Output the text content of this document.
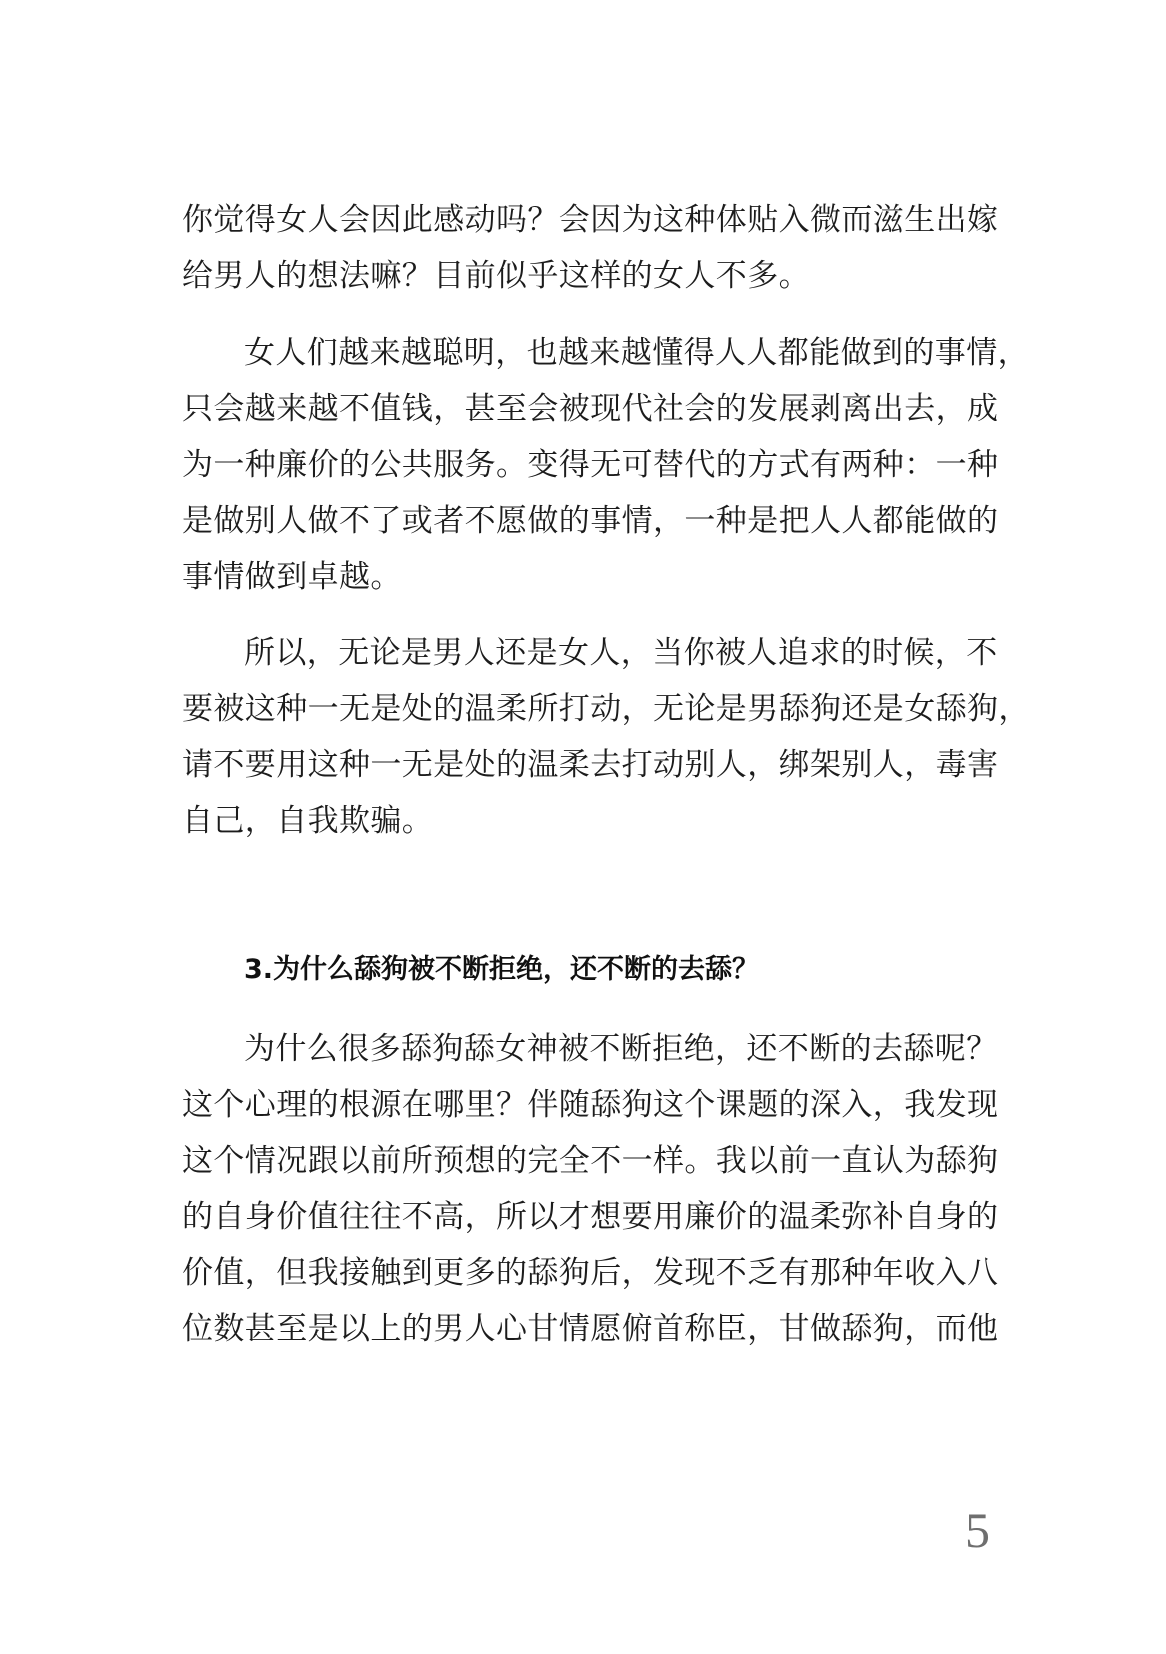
你觉得女人会因此感动吗？会因为这种体贴入微而滋生出嫁
给男人的想法嘛？目前似乎这样的女人不多。
女人们越来越聪明，也越来越懂得人人都能做到的事情，
只会越来越不值钱，甚至会被现代社会的发展剥离出去，成
为一种廉价的公共服务。变得无可替代的方式有两种：一种
是做别人做不了或者不愿做的事情，一种是把人人都能做的
事情做到卓越。
所以，无论是男人还是女人，当你被人追求的时候，不
要被这种一无是处的温柔所打动，无论是男舔狗还是女舔狗，
请不要用这种一无是处的温柔去打动别人，绑架别人，毒害
自己，自我欺骗。
3.为什么舔狗被不断拒绝，还不断的去舔？
为什么很多舔狗舔女神被不断拒绝，还不断的去舔呢？
这个心理的根源在哪里？伴随舔狗这个课题的深入，我发现
这个情况跟以前所预想的完全不一样。我以前一直认为舔狗
的自身价值往往不高，所以才想要用廉价的温柔弥补自身的
价值，但我接触到更多的舔狗后，发现不乏有那种年收入八
位数甚至是以上的男人心甘情愿俯首称臣，甘做舔狗，而他
5
